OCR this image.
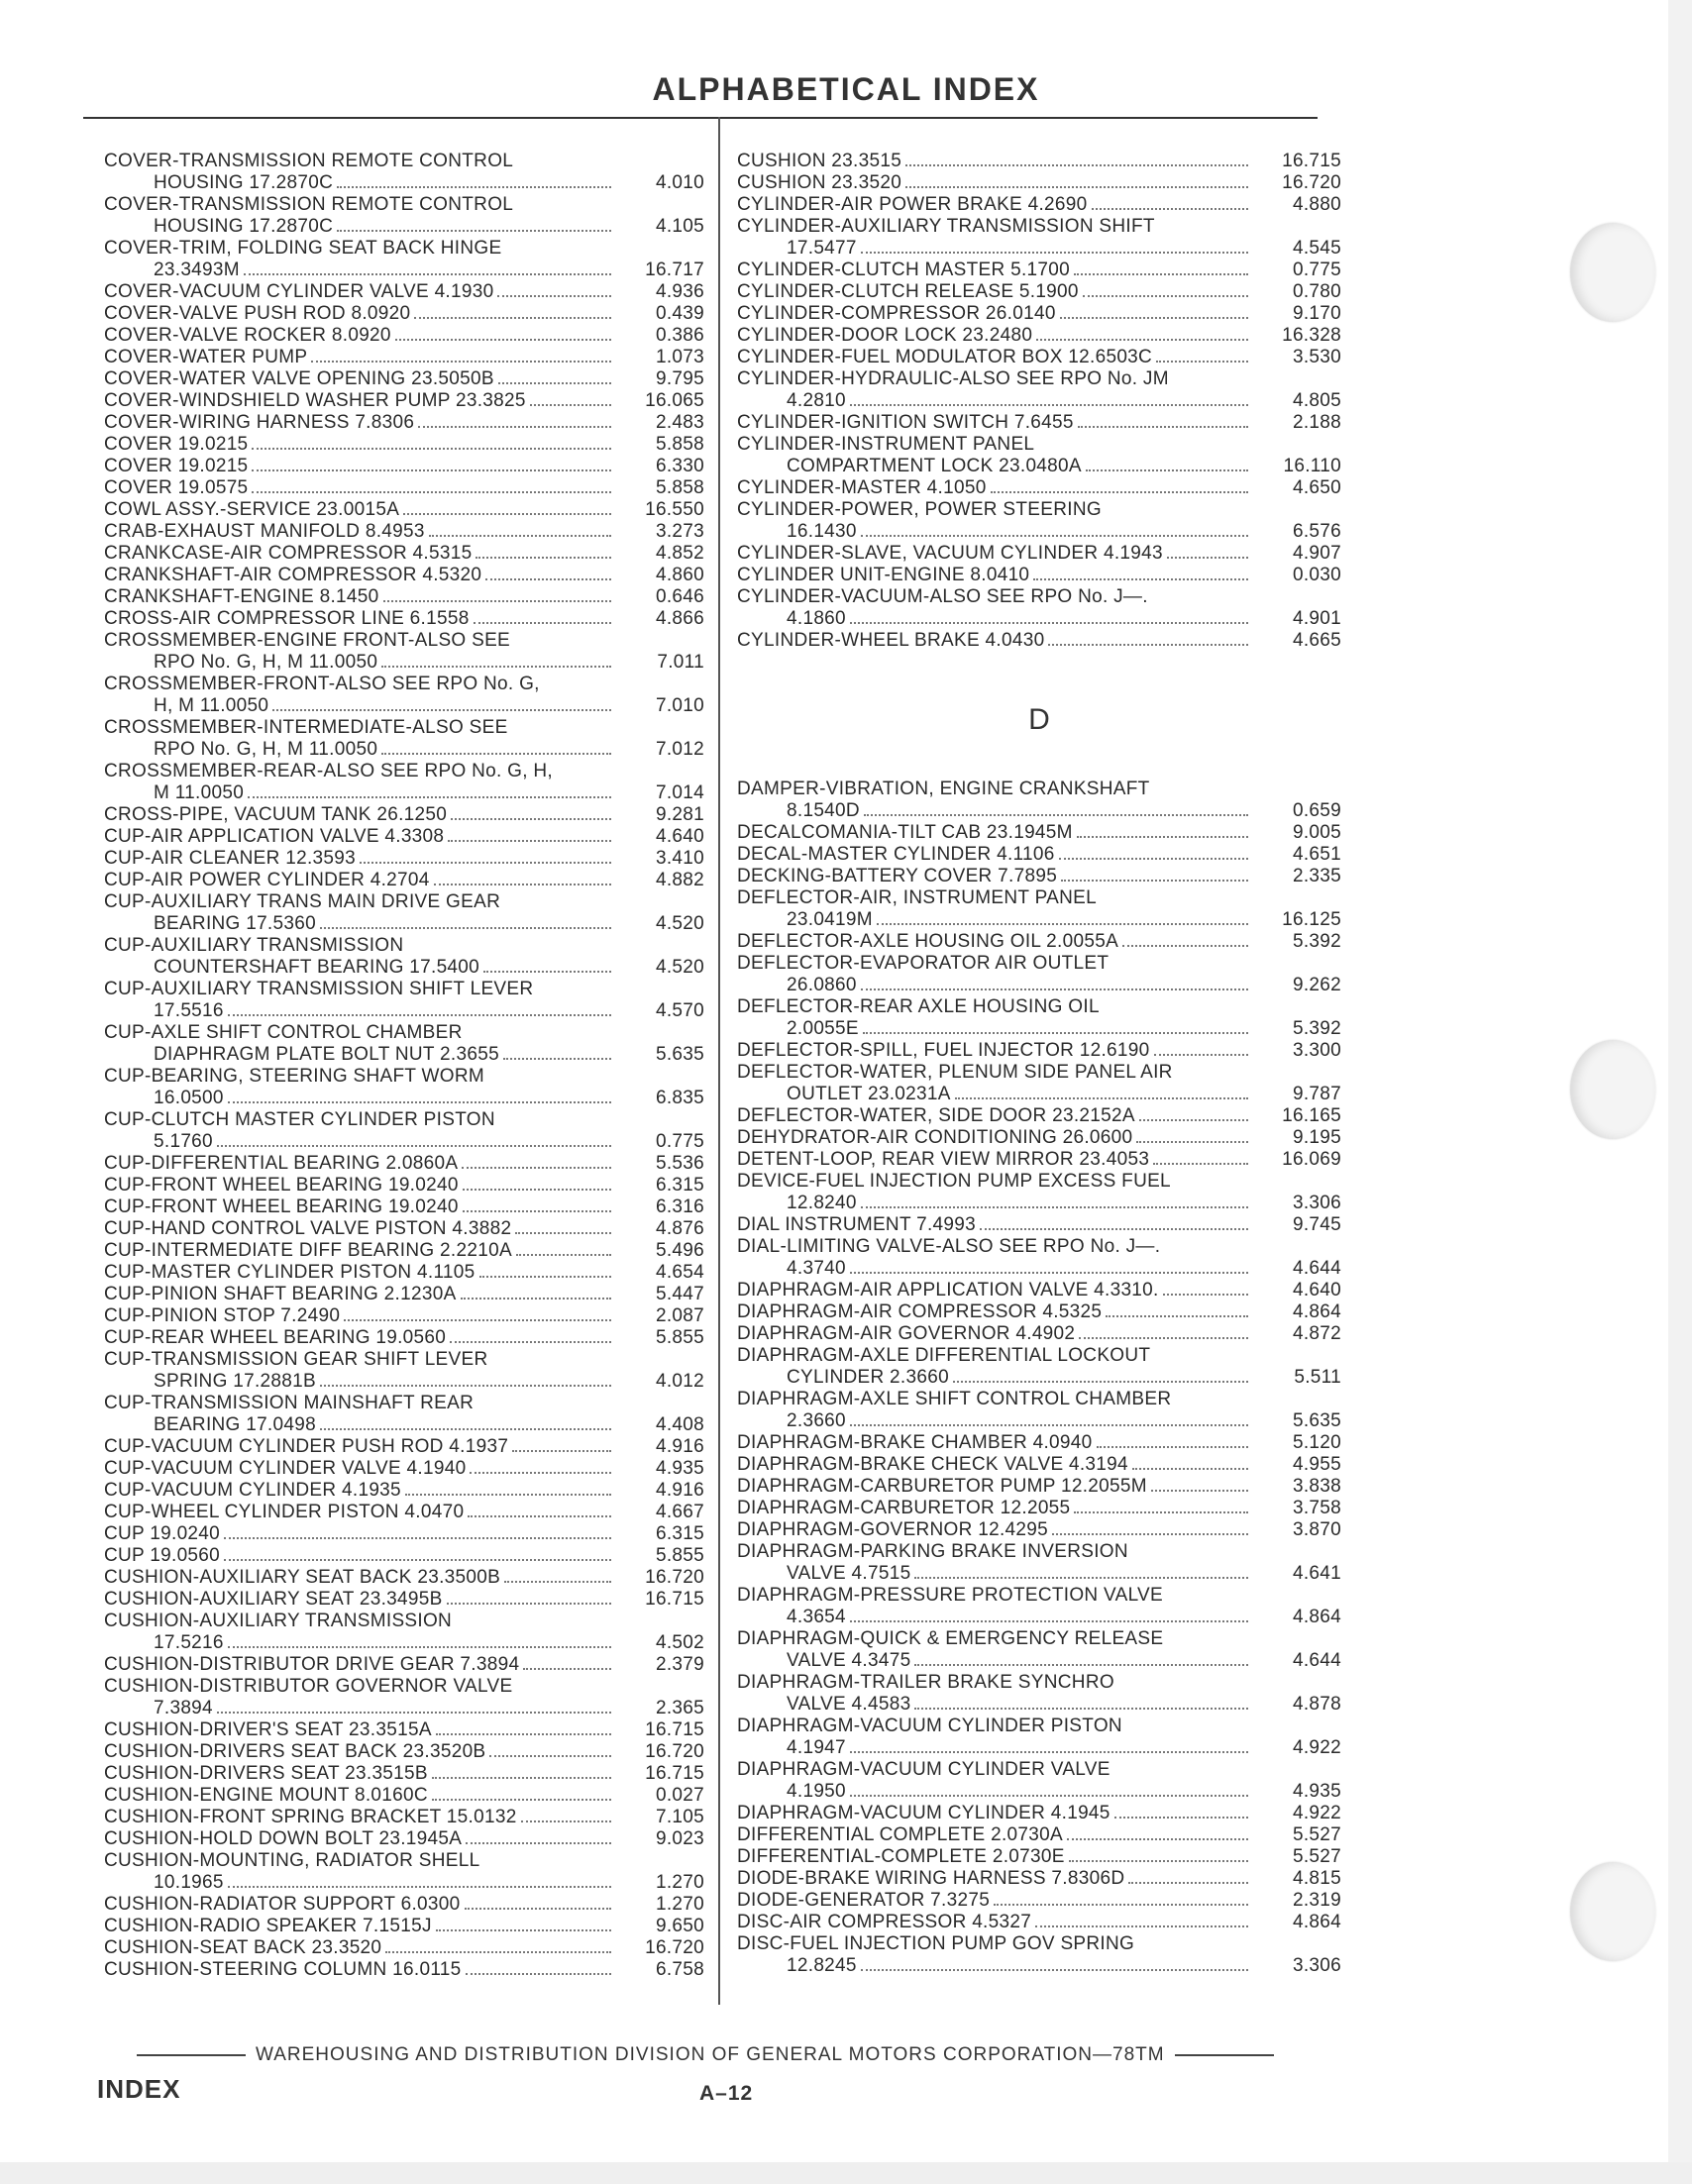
ALPHABETICAL INDEX
COVER-TRANSMISSION REMOTE CONTROL
HOUSING 17.2870C	4.010
COVER-TRANSMISSION REMOTE CONTROL
HOUSING 17.2870C	4.105
COVER-TRIM, FOLDING SEAT BACK HINGE
23.3493M	16.717
COVER-VACUUM CYLINDER VALVE 4.1930	4.936
COVER-VALVE PUSH ROD 8.0920	0.439
COVER-VALVE ROCKER 8.0920	0.386
COVER-WATER PUMP	1.073
COVER-WATER VALVE OPENING 23.5050B	9.795
COVER-WINDSHIELD WASHER PUMP 23.3825	16.065
COVER-WIRING HARNESS 7.8306	2.483
COVER 19.0215	5.858
COVER 19.0215	6.330
COVER 19.0575	5.858
COWL ASSY.-SERVICE 23.0015A	16.550
CRAB-EXHAUST MANIFOLD 8.4953	3.273
CRANKCASE-AIR COMPRESSOR 4.5315	4.852
CRANKSHAFT-AIR COMPRESSOR 4.5320	4.860
CRANKSHAFT-ENGINE 8.1450	0.646
CROSS-AIR COMPRESSOR LINE 6.1558	4.866
CROSSMEMBER-ENGINE FRONT-ALSO SEE
RPO No. G, H, M 11.0050	7.011
CROSSMEMBER-FRONT-ALSO SEE RPO No. G,
H, M 11.0050	7.010
CROSSMEMBER-INTERMEDIATE-ALSO SEE
RPO No. G, H, M 11.0050	7.012
CROSSMEMBER-REAR-ALSO SEE RPO No. G, H,
M 11.0050	7.014
CROSS-PIPE, VACUUM TANK 26.1250	9.281
CUP-AIR APPLICATION VALVE 4.3308	4.640
CUP-AIR CLEANER 12.3593	3.410
CUP-AIR POWER CYLINDER 4.2704	4.882
CUP-AUXILIARY TRANS MAIN DRIVE GEAR
BEARING 17.5360	4.520
CUP-AUXILIARY TRANSMISSION
COUNTERSHAFT BEARING 17.5400	4.520
CUP-AUXILIARY TRANSMISSION SHIFT LEVER
17.5516	4.570
CUP-AXLE SHIFT CONTROL CHAMBER
DIAPHRAGM PLATE BOLT NUT 2.3655	5.635
CUP-BEARING, STEERING SHAFT WORM
16.0500	6.835
CUP-CLUTCH MASTER CYLINDER PISTON
5.1760	0.775
CUP-DIFFERENTIAL BEARING 2.0860A	5.536
CUP-FRONT WHEEL BEARING 19.0240	6.315
CUP-FRONT WHEEL BEARING 19.0240	6.316
CUP-HAND CONTROL VALVE PISTON 4.3882	4.876
CUP-INTERMEDIATE DIFF BEARING 2.2210A	5.496
CUP-MASTER CYLINDER PISTON 4.1105	4.654
CUP-PINION SHAFT BEARING 2.1230A	5.447
CUP-PINION STOP 7.2490	2.087
CUP-REAR WHEEL BEARING 19.0560	5.855
CUP-TRANSMISSION GEAR SHIFT LEVER
SPRING 17.2881B	4.012
CUP-TRANSMISSION MAINSHAFT REAR
BEARING 17.0498	4.408
CUP-VACUUM CYLINDER PUSH ROD 4.1937	4.916
CUP-VACUUM CYLINDER VALVE 4.1940	4.935
CUP-VACUUM CYLINDER 4.1935	4.916
CUP-WHEEL CYLINDER PISTON 4.0470	4.667
CUP 19.0240	6.315
CUP 19.0560	5.855
CUSHION-AUXILIARY SEAT BACK 23.3500B	16.720
CUSHION-AUXILIARY SEAT 23.3495B	16.715
CUSHION-AUXILIARY TRANSMISSION
17.5216	4.502
CUSHION-DISTRIBUTOR DRIVE GEAR 7.3894	2.379
CUSHION-DISTRIBUTOR GOVERNOR VALVE
7.3894	2.365
CUSHION-DRIVER'S SEAT 23.3515A	16.715
CUSHION-DRIVERS SEAT BACK 23.3520B	16.720
CUSHION-DRIVERS SEAT 23.3515B	16.715
CUSHION-ENGINE MOUNT 8.0160C	0.027
CUSHION-FRONT SPRING BRACKET 15.0132	7.105
CUSHION-HOLD DOWN BOLT 23.1945A	9.023
CUSHION-MOUNTING, RADIATOR SHELL
10.1965	1.270
CUSHION-RADIATOR SUPPORT 6.0300	1.270
CUSHION-RADIO SPEAKER 7.1515J	9.650
CUSHION-SEAT BACK 23.3520	16.720
CUSHION-STEERING COLUMN 16.0115	6.758
CUSHION 23.3515	16.715
CUSHION 23.3520	16.720
CYLINDER-AIR POWER BRAKE 4.2690	4.880
CYLINDER-AUXILIARY TRANSMISSION SHIFT
17.5477	4.545
CYLINDER-CLUTCH MASTER 5.1700	0.775
CYLINDER-CLUTCH RELEASE 5.1900	0.780
CYLINDER-COMPRESSOR 26.0140	9.170
CYLINDER-DOOR LOCK 23.2480	16.328
CYLINDER-FUEL MODULATOR BOX 12.6503C	3.530
CYLINDER-HYDRAULIC-ALSO SEE RPO No. JM
4.2810	4.805
CYLINDER-IGNITION SWITCH 7.6455	2.188
CYLINDER-INSTRUMENT PANEL
COMPARTMENT LOCK 23.0480A	16.110
CYLINDER-MASTER 4.1050	4.650
CYLINDER-POWER, POWER STEERING
16.1430	6.576
CYLINDER-SLAVE, VACUUM CYLINDER 4.1943	4.907
CYLINDER UNIT-ENGINE 8.0410	0.030
CYLINDER-VACUUM-ALSO SEE RPO No. J—.
4.1860	4.901
CYLINDER-WHEEL BRAKE 4.0430	4.665
D
DAMPER-VIBRATION, ENGINE CRANKSHAFT
8.1540D	0.659
DECALCOMANIA-TILT CAB 23.1945M	9.005
DECAL-MASTER CYLINDER 4.1106	4.651
DECKING-BATTERY COVER 7.7895	2.335
DEFLECTOR-AIR, INSTRUMENT PANEL
23.0419M	16.125
DEFLECTOR-AXLE HOUSING OIL 2.0055A	5.392
DEFLECTOR-EVAPORATOR AIR OUTLET
26.0860	9.262
DEFLECTOR-REAR AXLE HOUSING OIL
2.0055E	5.392
DEFLECTOR-SPILL, FUEL INJECTOR 12.6190	3.300
DEFLECTOR-WATER, PLENUM SIDE PANEL AIR
OUTLET 23.0231A	9.787
DEFLECTOR-WATER, SIDE DOOR 23.2152A	16.165
DEHYDRATOR-AIR CONDITIONING 26.0600	9.195
DETENT-LOOP, REAR VIEW MIRROR 23.4053	16.069
DEVICE-FUEL INJECTION PUMP EXCESS FUEL
12.8240	3.306
DIAL INSTRUMENT 7.4993	9.745
DIAL-LIMITING VALVE-ALSO SEE RPO No. J—.
4.3740	4.644
DIAPHRAGM-AIR APPLICATION VALVE 4.3310.	4.640
DIAPHRAGM-AIR COMPRESSOR 4.5325	4.864
DIAPHRAGM-AIR GOVERNOR 4.4902	4.872
DIAPHRAGM-AXLE DIFFERENTIAL LOCKOUT
CYLINDER 2.3660	5.511
DIAPHRAGM-AXLE SHIFT CONTROL CHAMBER
2.3660	5.635
DIAPHRAGM-BRAKE CHAMBER 4.0940	5.120
DIAPHRAGM-BRAKE CHECK VALVE 4.3194	4.955
DIAPHRAGM-CARBURETOR PUMP 12.2055M	3.838
DIAPHRAGM-CARBURETOR 12.2055	3.758
DIAPHRAGM-GOVERNOR 12.4295	3.870
DIAPHRAGM-PARKING BRAKE INVERSION
VALVE 4.7515	4.641
DIAPHRAGM-PRESSURE PROTECTION VALVE
4.3654	4.864
DIAPHRAGM-QUICK & EMERGENCY RELEASE
VALVE 4.3475	4.644
DIAPHRAGM-TRAILER BRAKE SYNCHRO
VALVE 4.4583	4.878
DIAPHRAGM-VACUUM CYLINDER PISTON
4.1947	4.922
DIAPHRAGM-VACUUM CYLINDER VALVE
4.1950	4.935
DIAPHRAGM-VACUUM CYLINDER 4.1945	4.922
DIFFERENTIAL COMPLETE 2.0730A	5.527
DIFFERENTIAL-COMPLETE 2.0730E	5.527
DIODE-BRAKE WIRING HARNESS 7.8306D	4.815
DIODE-GENERATOR 7.3275	2.319
DISC-AIR COMPRESSOR 4.5327	4.864
DISC-FUEL INJECTION PUMP GOV SPRING
12.8245	3.306
WAREHOUSING AND DISTRIBUTION DIVISION OF GENERAL MOTORS CORPORATION—78TM
INDEX	A–12
